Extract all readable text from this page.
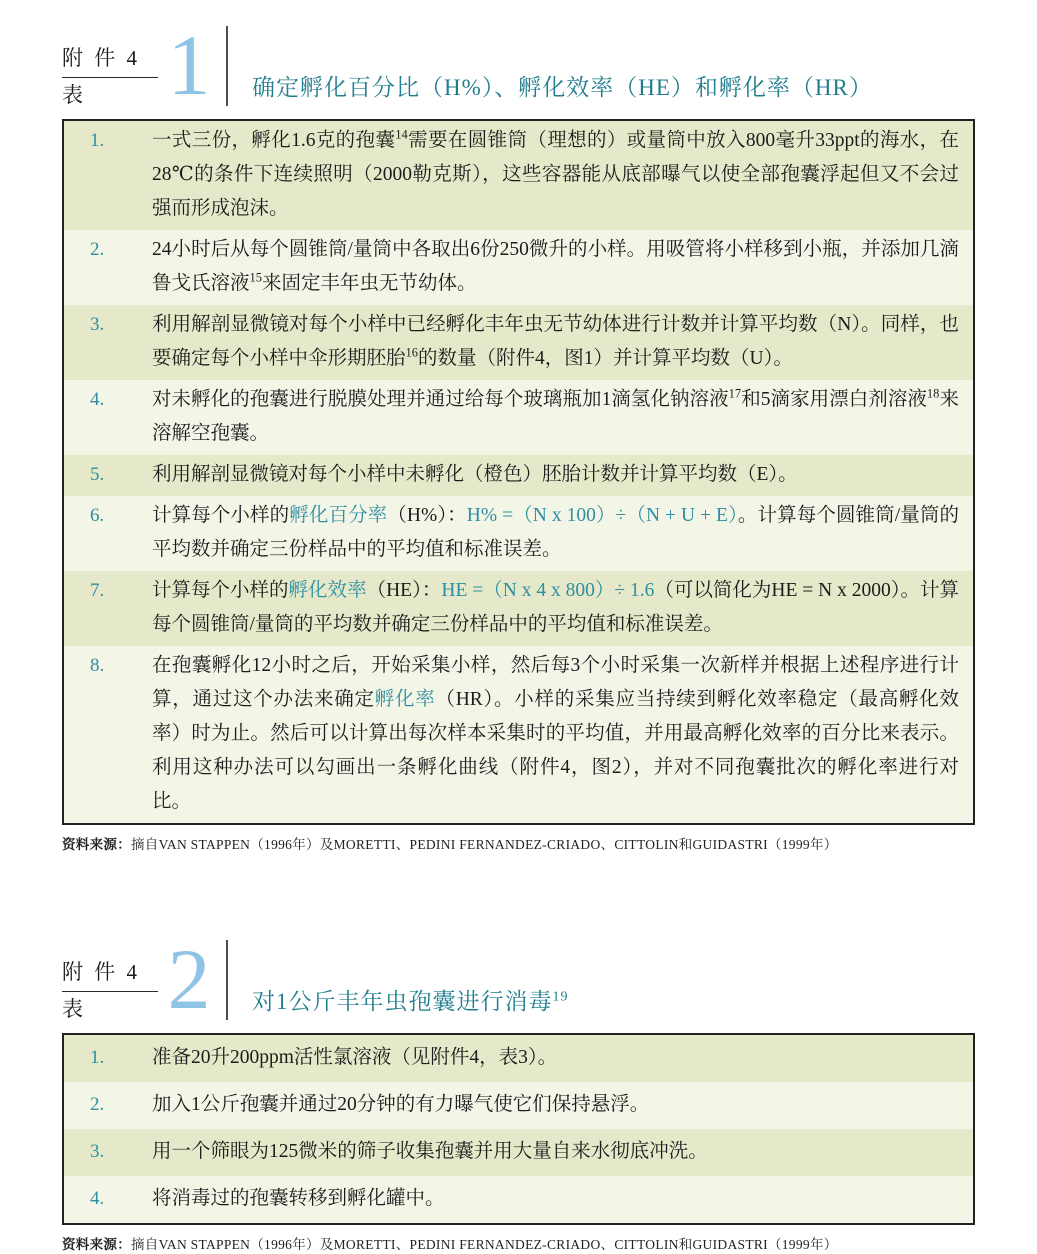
附 件 4
表 1	确定孵化百分比（H%）、孵化效率（HE）和孵化率（HR）
1.	一式三份，孵化1.6克的孢囊$^{14}$需要在圆锥筒（理想的）或量筒中放入800毫升33ppt的海水，在28℃的条件下连续照明（2000勒克斯），这些容器能从底部曝气以使全部孢囊浮起但又不会过强而形成泡沫。
2.	24小时后从每个圆锥筒/量筒中各取出6份250微升的小样。用吸管将小样移到小瓶，并添加几滴鲁戈氏溶液$^{15}$来固定丰年虫无节幼体。
3.	利用解剖显微镜对每个小样中已经孵化丰年虫无节幼体进行计数并计算平均数（N）。同样，也要确定每个小样中伞形期胚胎$^{16}$的数量（附件4，图1）并计算平均数（U）。
4.	对未孵化的孢囊进行脱膜处理并通过给每个玻璃瓶加1滴氢化钠溶液$^{17}$和5滴家用漂白剂溶液$^{18}$来溶解空孢囊。
5.	利用解剖显微镜对每个小样中未孵化（橙色）胚胎计数并计算平均数（E）。
6.	计算每个小样的孵化百分率（H%）：H% =（N x 100）÷（N + U + E）。计算每个圆锥筒/量筒的平均数并确定三份样品中的平均值和标准误差。
7.	计算每个小样的孵化效率（HE）：HE =（N x 4 x 800）÷ 1.6（可以简化为HE = N x 2000）。计算每个圆锥筒/量筒的平均数并确定三份样品中的平均值和标准误差。
8.	在孢囊孵化12小时之后，开始采集小样，然后每3个小时采集一次新样并根据上述程序进行计算，通过这个办法来确定孵化率（HR）。小样的采集应当持续到孵化效率稳定（最高孵化效率）时为止。然后可以计算出每次样本采集时的平均值，并用最高孵化效率的百分比来表示。利用这种办法可以勾画出一条孵化曲线（附件4，图2），并对不同孢囊批次的孵化率进行对比。

资料来源：摘自VAN STAPPEN（1996年）及MORETTI、PEDINI FERNANDEZ-CRIADO、CITTOLIN和GUIDASTRI（1999年）

附 件 4
表 2	对1公斤丰年虫孢囊进行消毒$^{19}$
1.	准备20升200ppm活性氯溶液（见附件4，表3）。
2.	加入1公斤孢囊并通过20分钟的有力曝气使它们保持悬浮。
3.	用一个筛眼为125微米的筛子收集孢囊并用大量自来水彻底冲洗。
4.	将消毒过的孢囊转移到孵化罐中。

资料来源：摘自VAN STAPPEN（1996年）及MORETTI、PEDINI FERNANDEZ-CRIADO、CITTOLIN和GUIDASTRI（1999年）
